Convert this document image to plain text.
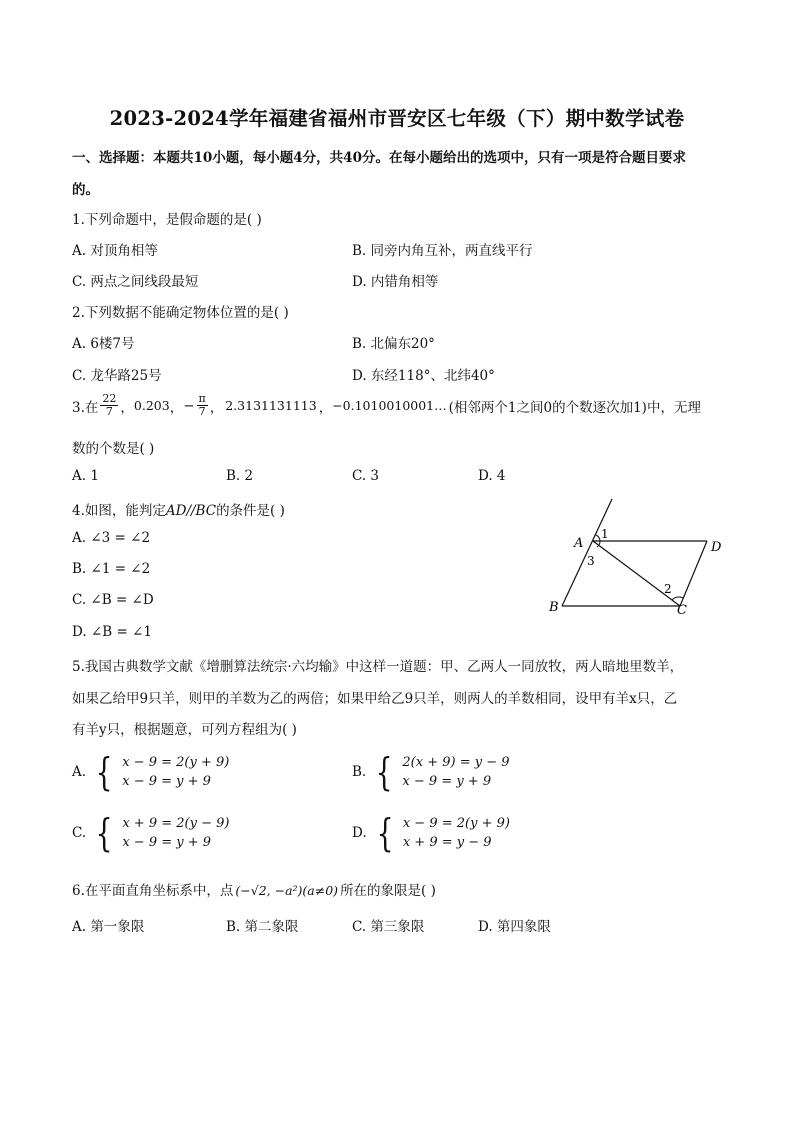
2023-2024学年福建省福州市晋安区七年级（下）期中数学试卷
一、选择题：本题共10小题，每小题4分，共40分。在每小题给出的选项中，只有一项是符合题目要求
的。
1.下列命题中，是假命题的是( )
A. 对顶角相等	B. 同旁内角互补，两直线平行
C. 两点之间线段最短	D. 内错角相等
2.下列数据不能确定物体位置的是( )
A. 6楼7号	B. 北偏东20°
C. 龙华路25号	D. 东经118°、北纬40°
3.在 $\frac{22}{7}$ ， 0.203 ， − $\frac{\pi}{7}$ ， 2.3131131113 ， −0.1010010001… (相邻两个1之间0的个数逐次加1)中，无理
数的个数是( )
A. 1	B. 2	C. 3	D. 4
4.如图，能判定AD//BC的条件是( )
A. ∠3 = ∠2
B. ∠1 = ∠2
C. ∠B = ∠D
D. ∠B = ∠1
A
B	C
D
1
2
3
5.我国古典数学文献《增删算法统宗·六均输》中这样一道题：甲、乙两人一同放牧，两人暗地里数羊，
如果乙给甲9只羊，则甲的羊数为乙的两倍；如果甲给乙9只羊，则两人的羊数相同，设甲有羊x只，乙
有羊y只，根据题意，可列方程组为( )
A. { x − 9 = 2(y + 9)
x − 9 = y + 9
B. { 2(x + 9) = y − 9
x − 9 = y + 9
C. { x + 9 = 2(y − 9)
x − 9 = y + 9
D. { x − 9 = 2(y + 9)
x + 9 = y − 9
6.在平面直角坐标系中，点 (−√2, −a²)(a≠0) 所在的象限是( )
A. 第一象限	B. 第二象限	C. 第三象限	D. 第四象限
